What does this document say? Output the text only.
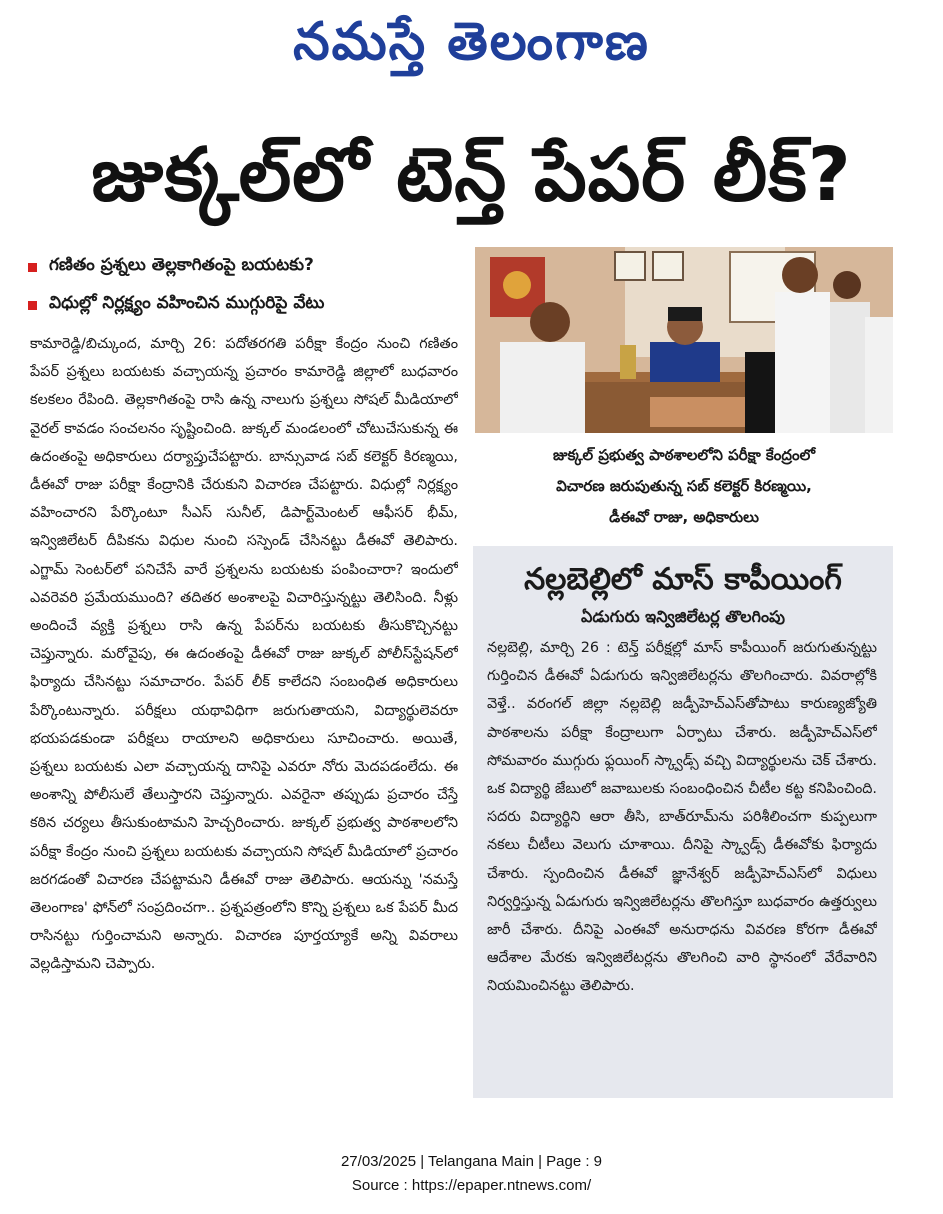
నమస్తే తెలంగాణ
జుక్కల్‌లో టెన్త్ పేపర్ లీక్?
గణితం ప్రశ్నలు తెల్లకాగితంపై బయటకు?
విధుల్లో నిర్లక్ష్యం వహించిన ముగ్గురిపై వేటు
కామారెడ్డి/బిచ్కుంద, మార్చి 26: పదోతరగతి పరీక్షా కేంద్రం నుంచి గణితం పేపర్ ప్రశ్నలు బయటకు వచ్చాయన్న ప్రచారం కామారెడ్డి జిల్లాలో బుధవారం కలకలం రేపింది. తెల్లకాగితంపై రాసి ఉన్న నాలుగు ప్రశ్నలు సోషల్ మీడియాలో వైరల్ కావడం సంచలనం సృష్టించింది. జుక్కల్ మండలంలో చోటుచేసుకున్న ఈ ఉదంతంపై అధికారులు దర్యాప్తుచేపట్టారు. బాన్సువాడ సబ్ కలెక్టర్ కిరణ్మయి, డీఈవో రాజు పరీక్షా కేంద్రానికి చేరుకుని విచారణ చేపట్టారు. విధుల్లో నిర్లక్ష్యం వహించారని పేర్కొంటూ సీఎస్ సునీల్, డిపార్ట్‌మెంటల్ ఆఫీసర్ భీమ్, ఇన్విజిలేటర్ దీపికను విధుల నుంచి సస్పెండ్ చేసినట్టు డీఈవో తెలిపారు. ఎగ్జామ్ సెంటర్‌లో పనిచేసే వారే ప్రశ్నలను బయటకు పంపించారా? ఇందులో ఎవరెవరి ప్రమేయముంది? తదితర అంశాలపై విచారిస్తున్నట్టు తెలిసింది. నీళ్లు అందించే వ్యక్తి ప్రశ్నలు రాసి ఉన్న పేపర్‌ను బయటకు తీసుకొచ్చినట్టు చెప్తున్నారు. మరోవైపు, ఈ ఉదంతంపై డీఈవో రాజు జుక్కల్ పోలీస్‌స్టేషన్‌లో ఫిర్యాదు చేసినట్టు సమాచారం. పేపర్ లీక్ కాలేదని సంబంధిత అధికారులు పేర్కొంటున్నారు. పరీక్షలు యథావిధిగా జరుగుతాయని, విద్యార్థులెవరూ భయపడకుండా పరీక్షలు రాయాలని అధికారులు సూచించారు. అయితే, ప్రశ్నలు బయటకు ఎలా వచ్చాయన్న దానిపై ఎవరూ నోరు మెదపడంలేదు. ఈ అంశాన్ని పోలీసులే తేలుస్తారని చెప్తున్నారు. ఎవరైనా తప్పుడు ప్రచారం చేస్తే కఠిన చర్యలు తీసుకుంటామని హెచ్చరించారు. జుక్కల్ ప్రభుత్వ పాఠశాలలోని పరీక్షా కేంద్రం నుంచి ప్రశ్నలు బయటకు వచ్చాయని సోషల్ మీడియాలో ప్రచారం జరగడంతో విచారణ చేపట్టామని డీఈవో రాజు తెలిపారు. ఆయన్ను 'నమస్తే తెలంగాణ' ఫోన్‌లో సంప్రదించగా.. ప్రశ్నపత్రంలోని కొన్ని ప్రశ్నలు ఒక పేపర్ మీద రాసినట్టు గుర్తించామని అన్నారు. విచారణ పూర్తయ్యాకే అన్ని వివరాలు వెల్లడిస్తామని చెప్పారు.
జుక్కల్ ప్రభుత్వ పాఠశాలలోని పరీక్షా కేంద్రంలో
విచారణ జరుపుతున్న సబ్ కలెక్టర్ కిరణ్మయి,
డీఈవో రాజు, అధికారులు
నల్లబెల్లిలో మాస్ కాపీయింగ్
ఏడుగురు ఇన్విజిలేటర్ల తొలగింపు
నల్లబెల్లి, మార్చి 26 : టెన్త్ పరీక్షల్లో మాస్ కాపీయింగ్ జరుగుతున్నట్టు గుర్తించిన డీఈవో ఏడుగురు ఇన్విజిలేటర్లను తొలగించారు. వివరాల్లోకి వెళ్తే.. వరంగల్ జిల్లా నల్లబెల్లి జడ్పీహెచ్ఎస్‌తోపాటు కారుణ్యజ్యోతి పాఠశాలను పరీక్షా కేంద్రాలుగా ఏర్పాటు చేశారు. జడ్పీహెచ్ఎస్‌లో సోమవారం ముగ్గురు ఫ్లయింగ్ స్క్వాడ్స్ వచ్చి విద్యార్థులను చెక్ చేశారు. ఒక విద్యార్థి జేబులో జవాబులకు సంబంధించిన చీటీల కట్ట కనిపించింది. సదరు విద్యార్థిని ఆరా తీసి, బాత్‌రూమ్‌ను పరిశీలించగా కుప్పలుగా నకలు చీటీలు వెలుగు చూశాయి. దీనిపై స్క్వాడ్స్ డీఈవోకు ఫిర్యాదు చేశారు. స్పందించిన డీఈవో జ్ఞానేశ్వర్ జడ్పీహెచ్ఎస్‌లో విధులు నిర్వర్తిస్తున్న ఏడుగురు ఇన్విజిలేటర్లను తొలగిస్తూ బుధవారం ఉత్తర్వులు జారీ చేశారు. దీనిపై ఎంఈవో అనురాధను వివరణ కోరగా డీఈవో ఆదేశాల మేరకు ఇన్విజిలేటర్లను తొలగించి వారి స్థానంలో వేరేవారిని నియమించినట్టు తెలిపారు.
27/03/2025 | Telangana Main | Page : 9
Source : https://epaper.ntnews.com/
